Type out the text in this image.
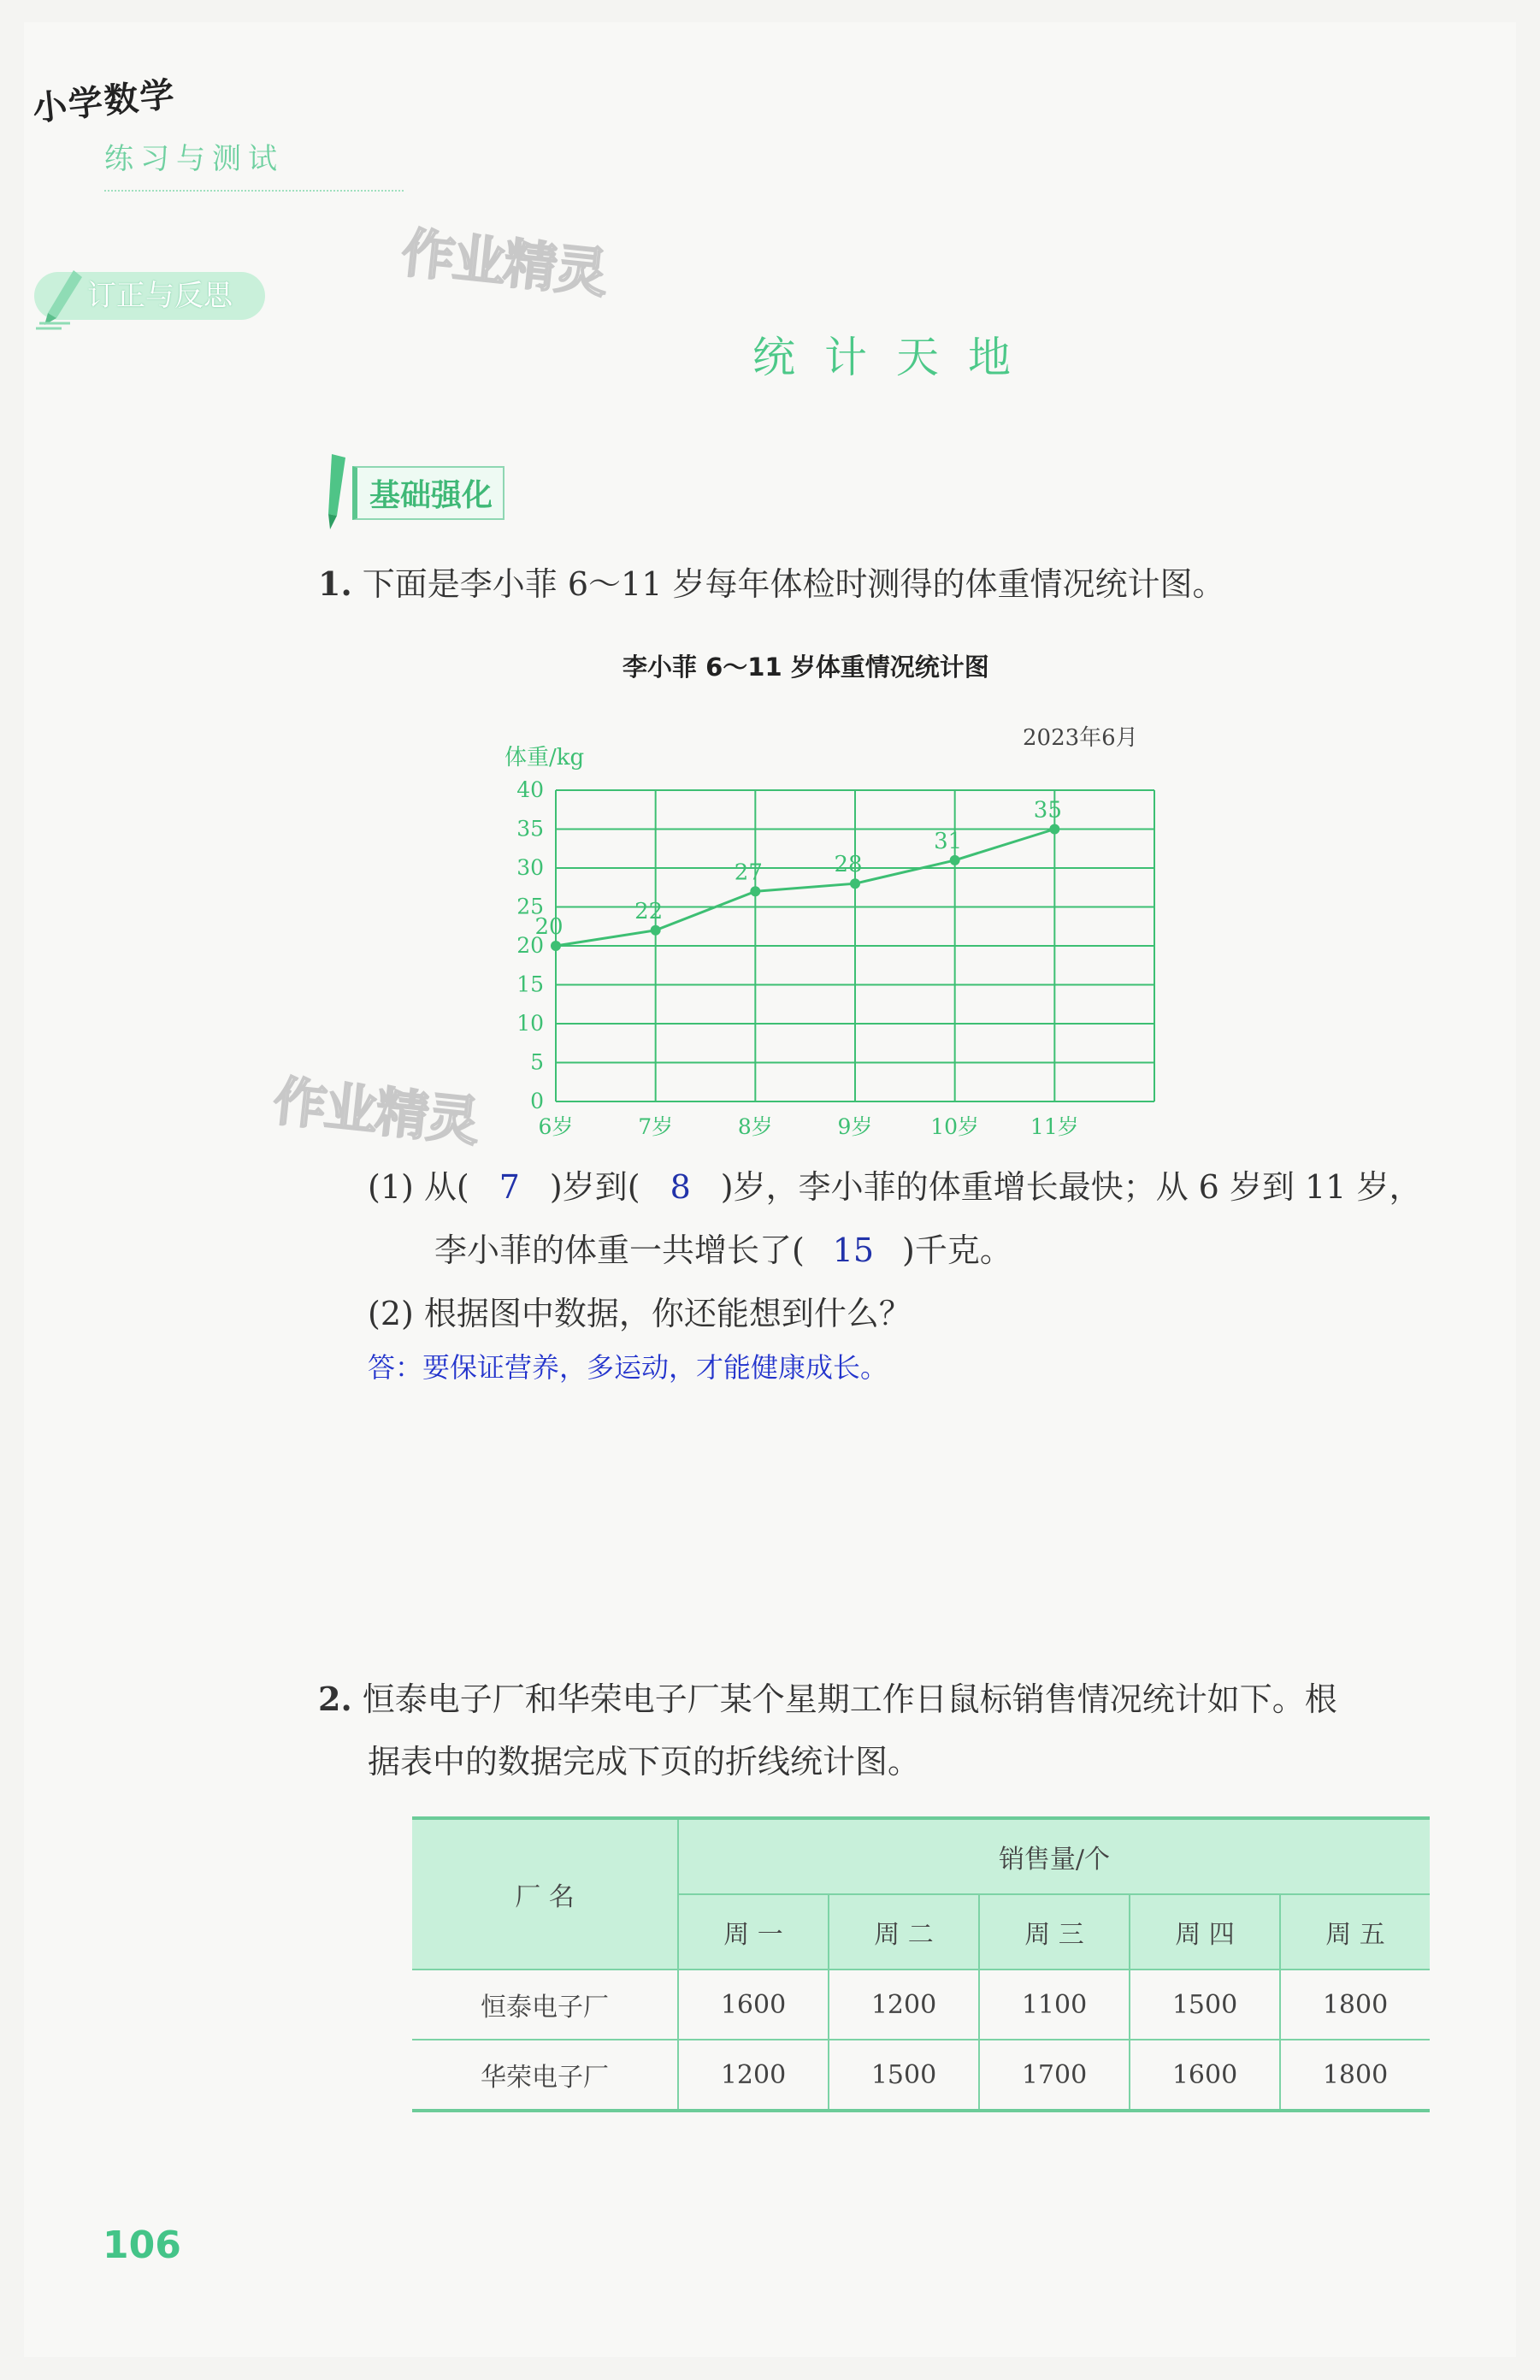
小学数学
练习与测试
订正与反思	作业精灵
作业精灵
统计天地
基础强化
1. 下面是李小菲 6～11 岁每年体检时测得的体重情况统计图。
李小菲 6～11 岁体重情况统计图
2023年6月
体重/kg
0
5
10
15
20
25
30
35
40
6岁	7岁	8岁	9岁	10岁 11岁
20
22
27	28
31
35
(1) 从( 7 )岁到( 8 )岁，李小菲的体重增长最快；从 6 岁到 11 岁，
李小菲的体重一共增长了( 15 )千克。
(2) 根据图中数据，你还能想到什么？
答：要保证营养，多运动，才能健康成长。
2. 恒泰电子厂和华荣电子厂某个星期工作日鼠标销售情况统计如下。根
据表中的数据完成下页的折线统计图。
厂 名	销售量/个				
	周 一	周 二	周 三	周 四	周 五
恒泰电子厂	1600	1200	1100	1500	1800
华荣电子厂	1200	1500	1700	1600	1800
106
